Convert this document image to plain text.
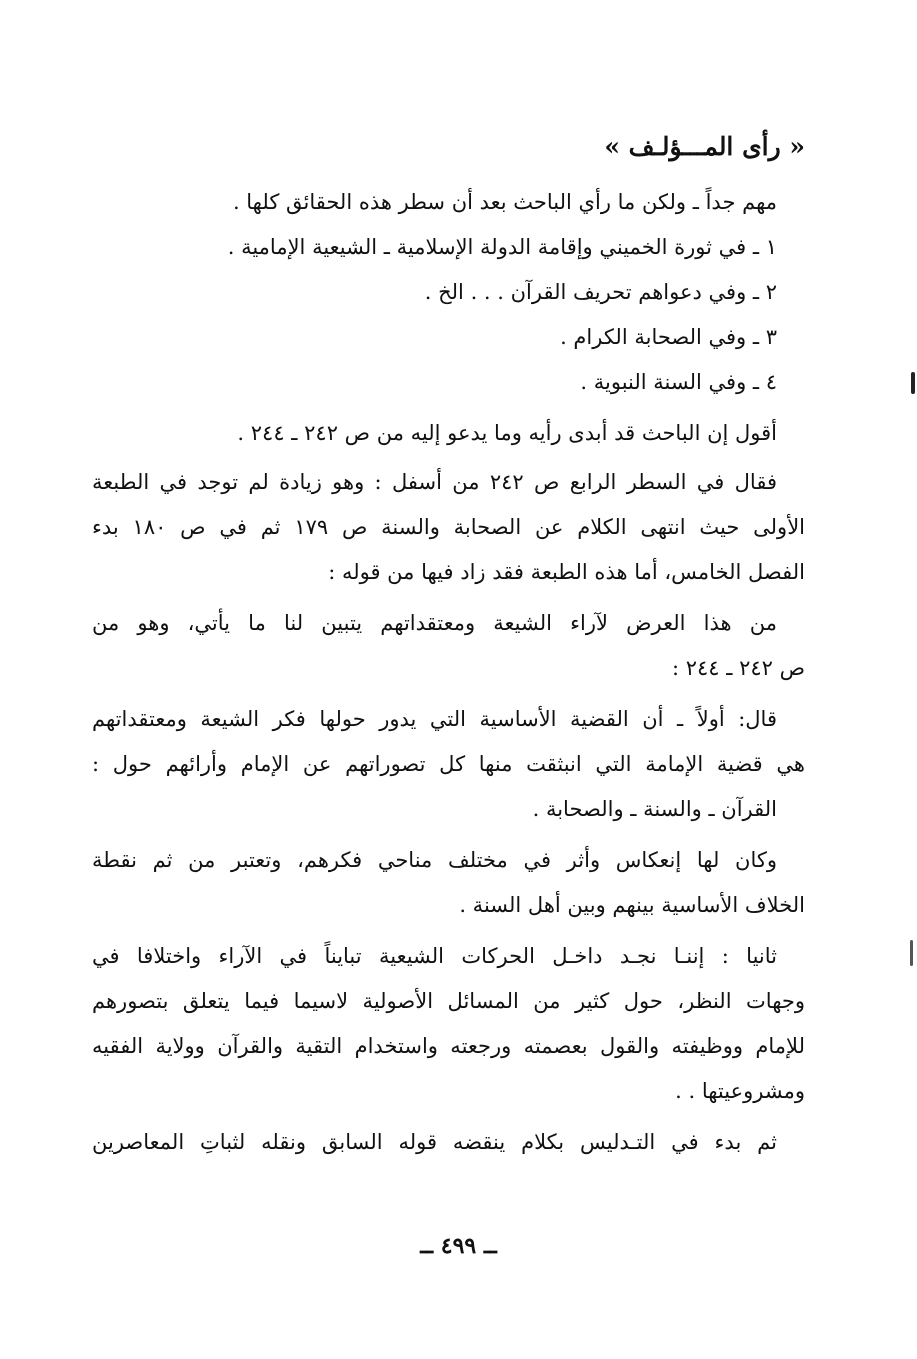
« رأى المـــؤلـف »

مهم جداً ـ ولكن ما رأي الباحث بعد أن سطر هذه الحقائق كلها .

١ ـ في ثورة الخميني وإقامة الدولة الإسلامية ـ الشيعية الإمامية .

٢ ـ وفي دعواهم تحريف القرآن . . . الخ .

٣ ـ وفي الصحابة الكرام .

٤ ـ وفي السنة النبوية .

أقول إن الباحث قد أبدى رأيه وما يدعو إليه من ص ٢٤٢ ـ ٢٤٤ .

فقال في السطر الرابع ص ٢٤٢ من أسفل : وهو زيادة لم توجد في الطبعة

الأولى حيث انتهى الكلام عن الصحابة والسنة ص ١٧٩ ثم في ص ١٨٠ بدء

الفصل الخامس، أما هذه الطبعة فقد زاد فيها من قوله :

من هذا العرض لآراء الشيعة ومعتقداتهم يتبين لنا ما يأتي، وهو من

ص ٢٤٢ ـ ٢٤٤ :

قال: أولاً ـ أن القضية الأساسية التي يدور حولها فكر الشيعة ومعتقداتهم

هي قضية الإمامة التي انبثقت منها كل تصوراتهم عن الإمام وأرائهم حول :

القرآن ـ والسنة ـ والصحابة .

وكان لها إنعكاس وأثر في مختلف مناحي فكرهم، وتعتبر من ثم نقطة

الخلاف الأساسية بينهم وبين أهل السنة .

ثانيا : إننـا نجـد داخـل الحركات الشيعية تبايناً في الآراء واختلافا في

وجهات النظر، حول كثير من المسائل الأصولية لاسيما فيما يتعلق بتصورهم

للإمام ووظيفته والقول بعصمته ورجعته واستخدام التقية والقرآن وولاية الفقيه

ومشروعيتها . .

ثم بدء في التـدليس بكلام ينقضه قوله السابق ونقله لثباتِ المعاصرين

ــ ٤٩٩ ــ
